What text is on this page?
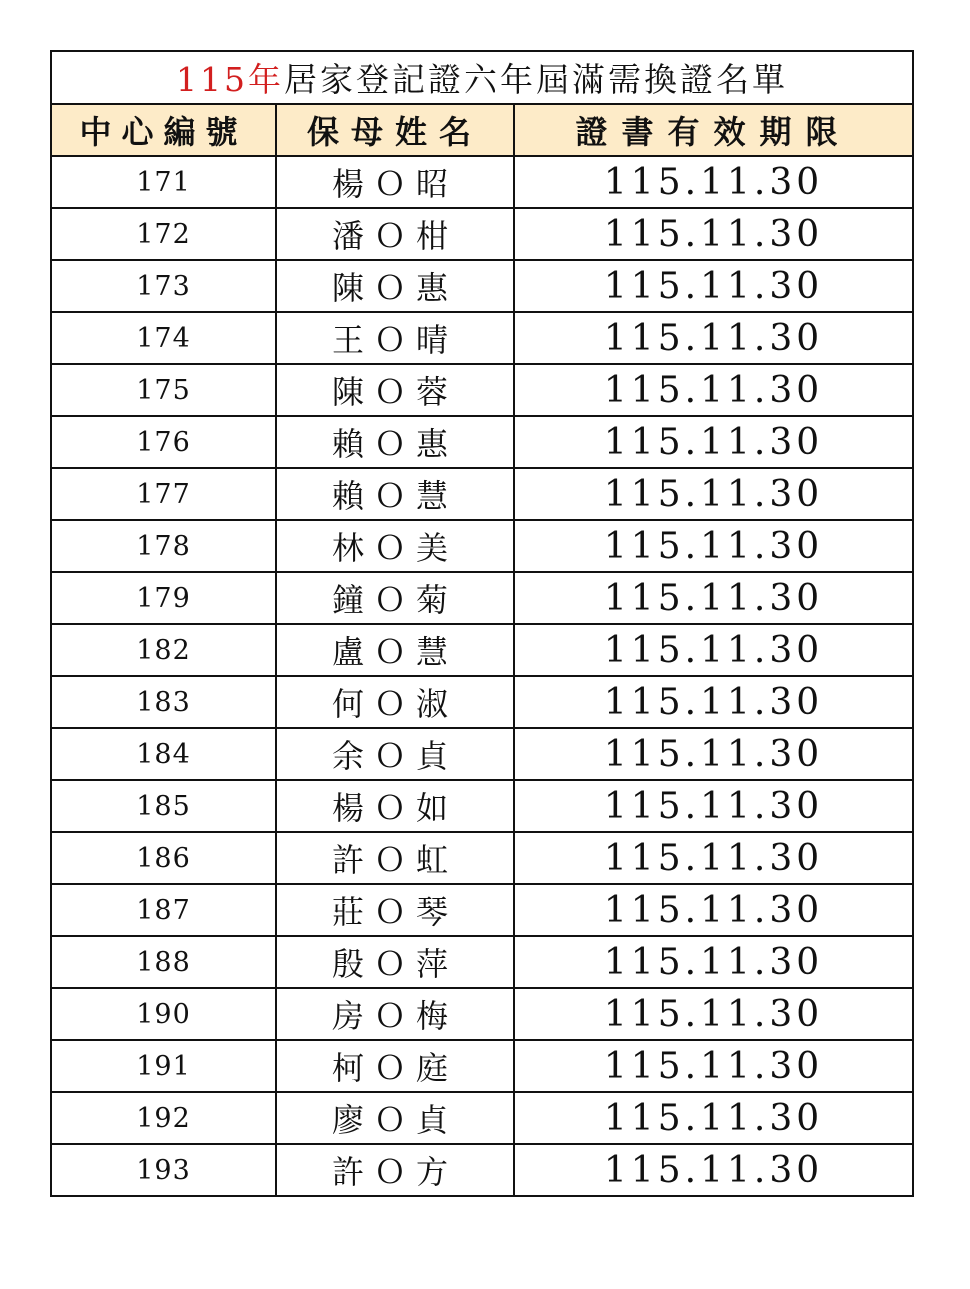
115年居家登記證六年屆滿需換證名單		
中心編號	保母姓名	證書有效期限
171	楊Ｏ昭	115.11.30
172	潘Ｏ柑	115.11.30
173	陳Ｏ惠	115.11.30
174	王Ｏ晴	115.11.30
175	陳Ｏ蓉	115.11.30
176	賴Ｏ惠	115.11.30
177	賴Ｏ慧	115.11.30
178	林Ｏ美	115.11.30
179	鐘Ｏ菊	115.11.30
182	盧Ｏ慧	115.11.30
183	何Ｏ淑	115.11.30
184	余Ｏ貞	115.11.30
185	楊Ｏ如	115.11.30
186	許Ｏ虹	115.11.30
187	莊Ｏ琴	115.11.30
188	殷Ｏ萍	115.11.30
190	房Ｏ梅	115.11.30
191	柯Ｏ庭	115.11.30
192	廖Ｏ貞	115.11.30
193	許Ｏ方	115.11.30
